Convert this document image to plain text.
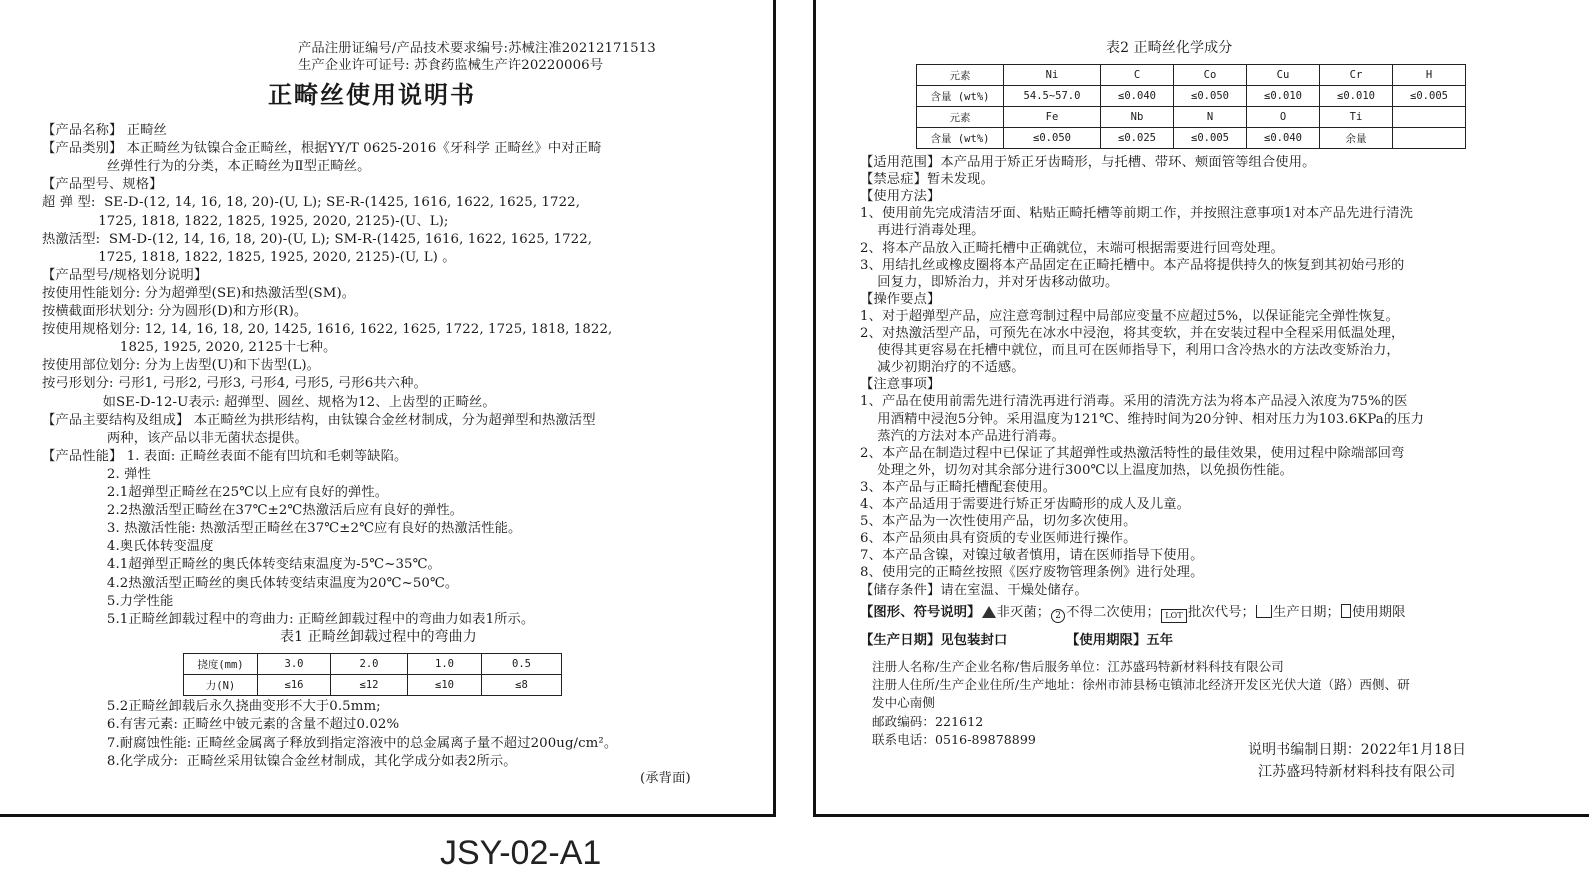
产品注册证编号/产品技术要求编号:苏械注准20212171513
生产企业许可证号: 苏食药监械生产许20220006号
正畸丝使用说明书
【产品名称】 正畸丝
【产品类别】 本正畸丝为钛镍合金正畸丝，根据YY/T 0625-2016《牙科学 正畸丝》中对正畸
丝弹性行为的分类，本正畸丝为Ⅱ型正畸丝。
【产品型号、规格】
超 弹 型:  SE-D-(12, 14, 16, 18, 20)-(U, L); SE-R-(1425, 1616, 1622, 1625, 1722,
1725, 1818, 1822, 1825, 1925, 2020, 2125)-(U、L);
热激活型:  SM-D-(12, 14, 16, 18, 20)-(U, L); SM-R-(1425, 1616, 1622, 1625, 1722,
1725, 1818, 1822, 1825, 1925, 2020, 2125)-(U, L) 。
【产品型号/规格划分说明】
按使用性能划分: 分为超弹型(SE)和热激活型(SM)。
按横截面形状划分: 分为圆形(D)和方形(R)。
按使用规格划分: 12, 14, 16, 18, 20, 1425, 1616, 1622, 1625, 1722, 1725, 1818, 1822,
1825, 1925, 2020, 2125十七种。
按使用部位划分: 分为上齿型(U)和下齿型(L)。
按弓形划分: 弓形1, 弓形2, 弓形3, 弓形4, 弓形5, 弓形6共六种。
如SE-D-12-U表示: 超弹型、圆丝、规格为12、上齿型的正畸丝。
【产品主要结构及组成】 本正畸丝为拱形结构，由钛镍合金丝材制成，分为超弹型和热激活型
两种，该产品以非无菌状态提供。
【产品性能】 1. 表面: 正畸丝表面不能有凹坑和毛刺等缺陷。
2. 弹性
2.1超弹型正畸丝在25℃以上应有良好的弹性。
2.2热激活型正畸丝在37℃±2℃热激活后应有良好的弹性。
3. 热激活性能: 热激活型正畸丝在37℃±2℃应有良好的热激活性能。
4.奥氏体转变温度
4.1超弹型正畸丝的奥氏体转变结束温度为-5℃~35℃。
4.2热激活型正畸丝的奥氏体转变结束温度为20℃~50℃。
5.力学性能
5.1正畸丝卸载过程中的弯曲力: 正畸丝卸载过程中的弯曲力如表1所示。
表1 正畸丝卸载过程中的弯曲力
挠度(mm)	3.0	2.0	1.0	0.5
力(N)	≤16	≤12	≤10	≤8
5.2正畸丝卸载后永久挠曲变形不大于0.5mm;
6.有害元素: 正畸丝中铍元素的含量不超过0.02%
7.耐腐蚀性能: 正畸丝金属离子释放到指定溶液中的总金属离子量不超过200ug/cm²。
8.化学成分:  正畸丝采用钛镍合金丝材制成，其化学成分如表2所示。
(承背面)
表2 正畸丝化学成分
元素	Ni	C	Co	Cu	Cr	H
含量 (wt%)	54.5~57.0	≤0.040	≤0.050	≤0.010	≤0.010	≤0.005
元素	Fe	Nb	N	O	Ti	
含量 (wt%)	≤0.050	≤0.025	≤0.005	≤0.040	余量	
【适用范围】本产品用于矫正牙齿畸形，与托槽、带环、颊面管等组合使用。
【禁忌症】暂未发现。
【使用方法】
1、使用前先完成清洁牙面、粘贴正畸托槽等前期工作，并按照注意事项1对本产品先进行清洗
再进行消毒处理。
2、将本产品放入正畸托槽中正确就位，末端可根据需要进行回弯处理。
3、用结扎丝或橡皮圈将本产品固定在正畸托槽中。本产品将提供持久的恢复到其初始弓形的
回复力，即矫治力，并对牙齿移动做功。
【操作要点】
1、对于超弹型产品，应注意弯制过程中局部应变量不应超过5%，以保证能完全弹性恢复。
2、对热激活型产品，可预先在冰水中浸泡，将其变软，并在安装过程中全程采用低温处理，
使得其更容易在托槽中就位，而且可在医师指导下，利用口含冷热水的方法改变矫治力，
减少初期治疗的不适感。
【注意事项】
1、产品在使用前需先进行清洗再进行消毒。采用的清洗方法为将本产品浸入浓度为75%的医
用酒精中浸泡5分钟。采用温度为121℃、维持时间为20分钟、相对压力为103.6KPa的压力
蒸汽的方法对本产品进行消毒。
2、本产品在制造过程中已保证了其超弹性或热激活特性的最佳效果，使用过程中除端部回弯
处理之外，切勿对其余部分进行300℃以上温度加热，以免损伤性能。
3、本产品与正畸托槽配套使用。
4、本产品适用于需要进行矫正牙齿畸形的成人及儿童。
5、本产品为一次性使用产品，切勿多次使用。
6、本产品须由具有资质的专业医师进行操作。
7、本产品含镍，对镍过敏者慎用，请在医师指导下使用。
8、使用完的正畸丝按照《医疗废物管理条例》进行处理。
【储存条件】请在室温、干燥处储存。
【图形、符号说明】 非灭菌； 2 不得二次使用； LOT 批次代号； 生产日期； 使用期限
【生产日期】见包装封口	【使用期限】五年
注册人名称/生产企业名称/售后服务单位：江苏盛玛特新材料科技有限公司
注册人住所/生产企业住所/生产地址：徐州市沛县杨屯镇沛北经济开发区光伏大道（路）西侧、研
发中心南侧
邮政编码：221612
联系电话：0516-89878899
说明书编制日期：2022年1月18日
江苏盛玛特新材料科技有限公司
JSY-02-A1
